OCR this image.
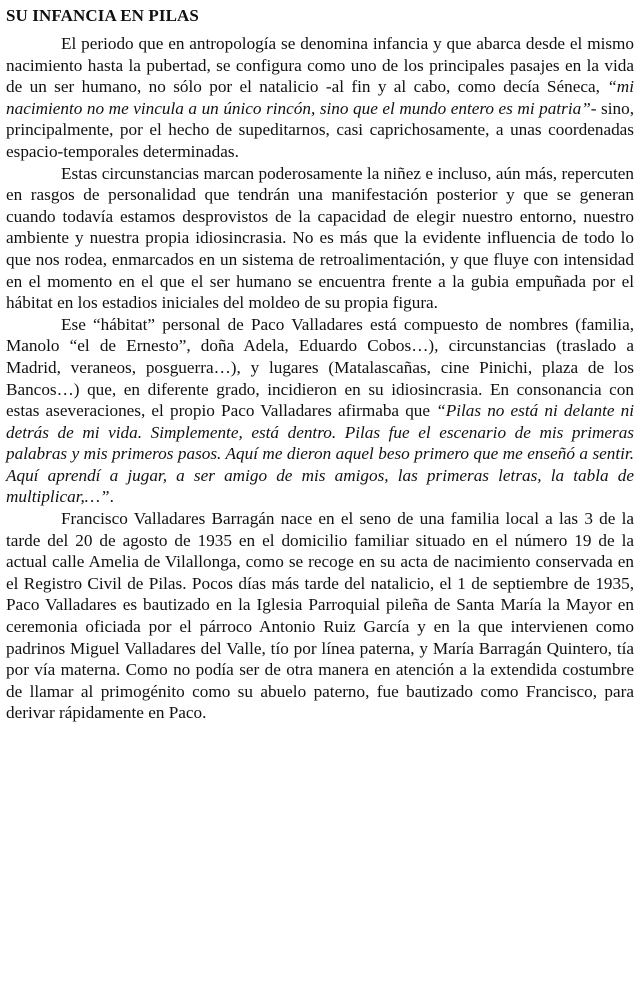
SU INFANCIA EN PILAS

El periodo que en antropología se denomina infancia y que abarca desde el mismo nacimiento hasta la pubertad, se configura como uno de los principales pasajes en la vida de un ser humano, no sólo por el natalicio -al fin y al cabo, como decía Séneca, “mi nacimiento no me vincula a un único rincón, sino que el mundo entero es mi patria”- sino, principalmente, por el hecho de supeditarnos, casi caprichosamente, a unas coordenadas espacio-temporales determinadas.

Estas circunstancias marcan poderosamente la niñez e incluso, aún más, repercuten en rasgos de personalidad que tendrán una manifestación posterior y que se generan cuando todavía estamos desprovistos de la capacidad de elegir nuestro entorno, nuestro ambiente y nuestra propia idiosincrasia. No es más que la evidente influencia de todo lo que nos rodea, enmarcados en un sistema de retroalimentación, y que fluye con intensidad en el momento en el que el ser humano se encuentra frente a la gubia empuñada por el hábitat en los estadios iniciales del moldeo de su propia figura.

Ese “hábitat” personal de Paco Valladares está compuesto de nombres (familia, Manolo “el de Ernesto”, doña Adela, Eduardo Cobos…), circunstancias (traslado a Madrid, veraneos, posguerra…), y lugares (Matalascañas, cine Pinichi, plaza de los Bancos…) que, en diferente grado, incidieron en su idiosincrasia. En consonancia con estas aseveraciones, el propio Paco Valladares afirmaba que “Pilas no está ni delante ni detrás de mi vida. Simplemente, está dentro. Pilas fue el escenario de mis primeras palabras y mis primeros pasos. Aquí me dieron aquel beso primero que me enseñó a sentir. Aquí aprendí a jugar, a ser amigo de mis amigos, las primeras letras, la tabla de multiplicar,…”.

Francisco Valladares Barragán nace en el seno de una familia local a las 3 de la tarde del 20 de agosto de 1935 en el domicilio familiar situado en el número 19 de la actual calle Amelia de Vilallonga, como se recoge en su acta de nacimiento conservada en el Registro Civil de Pilas. Pocos días más tarde del natalicio, el 1 de septiembre de 1935, Paco Valladares es bautizado en la Iglesia Parroquial pileña de Santa María la Mayor en ceremonia oficiada por el párroco Antonio Ruiz García y en la que intervienen como padrinos Miguel Valladares del Valle, tío por línea paterna, y María Barragán Quintero, tía por vía materna. Como no podía ser de otra manera en atención a la extendida costumbre de llamar al primogénito como su abuelo paterno, fue bautizado como Francisco, para derivar rápidamente en Paco.
